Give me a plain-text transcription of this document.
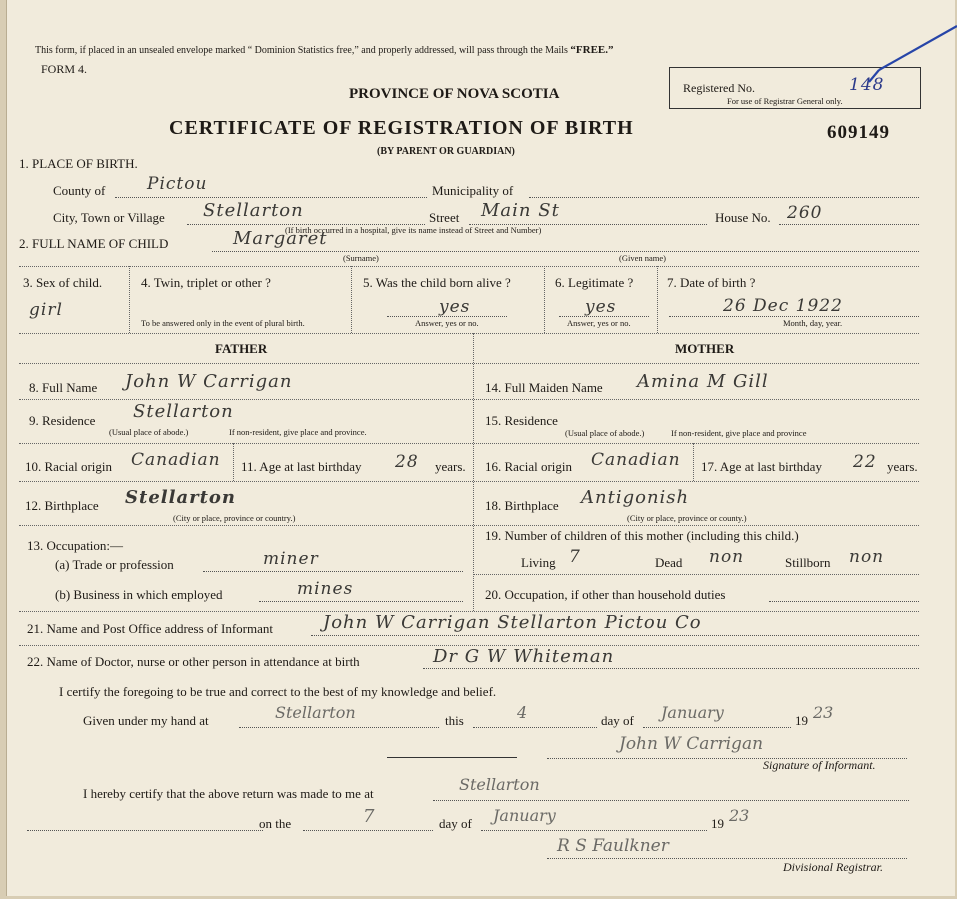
This form, if placed in an unsealed envelope marked “ Dominion Statistics free,” and properly addressed, will pass through the Mails “FREE.”
FORM 4.
PROVINCE OF NOVA SCOTIA	Registered No.	148
For use of Registrar General only.
CERTIFICATE OF REGISTRATION OF BIRTH
(BY PARENT OR GUARDIAN)
609149
1. PLACE OF BIRTH.
County of Pictou	Municipality of
City, Town or Village Stellarton	Street Main St	House No. 260
(If birth occurred in a hospital, give its name instead of Street and Number)
2. FULL NAME OF CHILD	Margaret
(Surname)	(Given name)
3. Sex of child.
girl
4. Twin, triplet or other ?
To be answered only in the event of plural birth.
5. Was the child born alive ?
yes
Answer, yes or no.
6. Legitimate ?
yes
Answer, yes or no.
7. Date of birth ?
26 Dec 1922
Month, day, year.
FATHER	MOTHER
8. Full Name John W Carrigan	14. Full Maiden Name Amina M Gill
9. Residence Stellarton
(Usual place of abode.)	If non-resident, give place and province.
15. Residence
(Usual place of abode.)	If non-resident, give place and province
10. Racial origin Canadian 11. Age at last birthday 28 years. 16. Racial origin Canadian 17. Age at last birthday 22 years.
12. Birthplace Stellarton
(City or place, province or country.)
18. Birthplace Antigonish
(City or place, province or county.)
13. Occupation:—
(a) Trade or profession	miner
(b) Business in which employed	mines
19. Number of children of this mother (including this child.)
Living 7	Dead non	Stillborn non
20. Occupation, if other than household duties
21. Name and Post Office address of Informant	John W Carrigan Stellarton Pictou Co
22. Name of Doctor, nurse or other person in attendance at birth	Dr G W Whiteman
I certify the foregoing to be true and correct to the best of my knowledge and belief.
Given under my hand at	Stellarton	this	4	day of January	19 23
John W Carrigan
Signature of Informant.
I hereby certify that the above return was made to me at	Stellarton
on the	7	day of January	19 23
R S Faulkner
Divisional Registrar.
